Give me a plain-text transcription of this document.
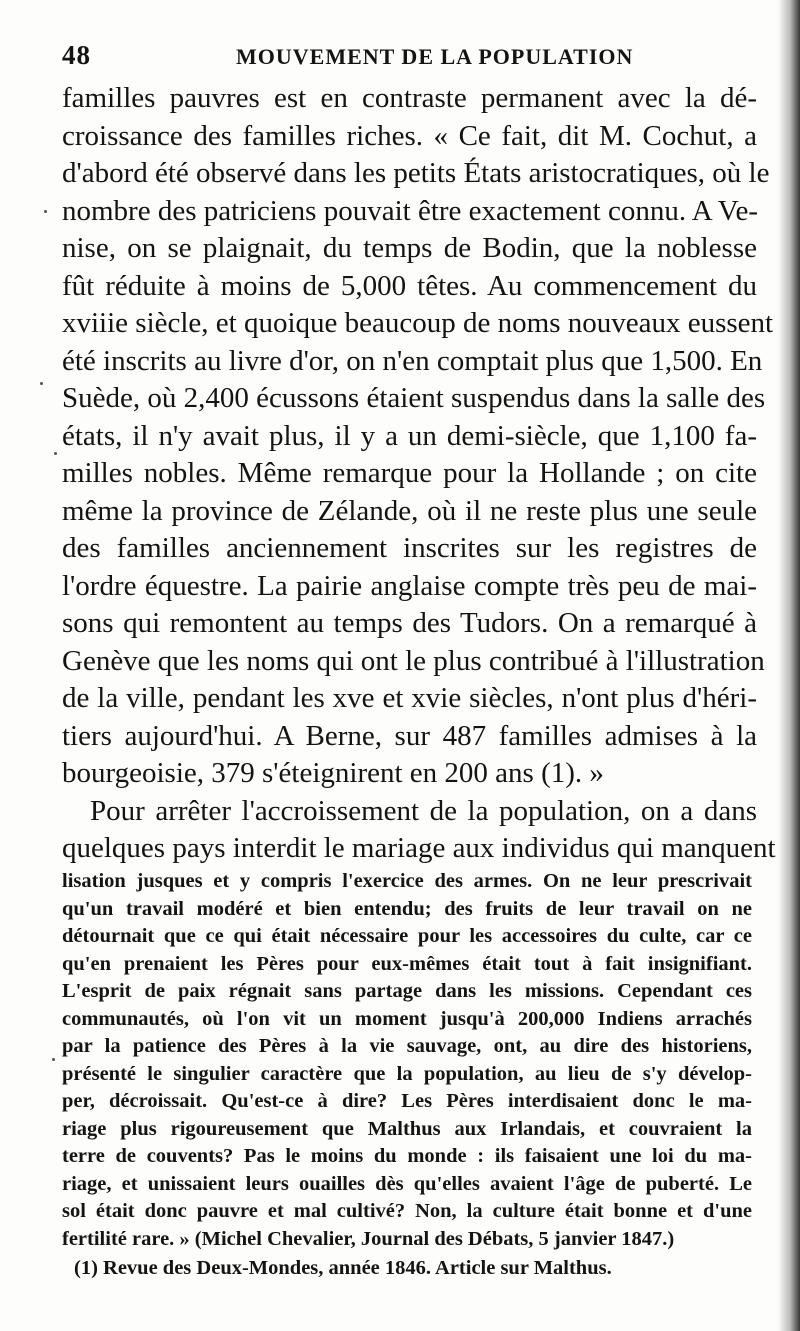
48	MOUVEMENT DE LA POPULATION
familles pauvres est en contraste permanent avec la dé-
croissance des familles riches. « Ce fait, dit M. Cochut, a
d'abord été observé dans les petits États aristocratiques, où le
nombre des patriciens pouvait être exactement connu. A Ve-
nise, on se plaignait, du temps de Bodin, que la noblesse
fût réduite à moins de 5,000 têtes. Au commencement du
xviiie siècle, et quoique beaucoup de noms nouveaux eussent
été inscrits au livre d'or, on n'en comptait plus que 1,500. En
Suède, où 2,400 écussons étaient suspendus dans la salle des
états, il n'y avait plus, il y a un demi-siècle, que 1,100 fa-
milles nobles. Même remarque pour la Hollande ; on cite
même la province de Zélande, où il ne reste plus une seule
des familles anciennement inscrites sur les registres de
l'ordre équestre. La pairie anglaise compte très peu de mai-
sons qui remontent au temps des Tudors. On a remarqué à
Genève que les noms qui ont le plus contribué à l'illustration
de la ville, pendant les xve et xvie siècles, n'ont plus d'héri-
tiers aujourd'hui. A Berne, sur 487 familles admises à la
bourgeoisie, 379 s'éteignirent en 200 ans (1). »
Pour arrêter l'accroissement de la population, on a dans
quelques pays interdit le mariage aux individus qui manquent
lisation jusques et y compris l'exercice des armes. On ne leur prescrivait
qu'un travail modéré et bien entendu; des fruits de leur travail on ne
détournait que ce qui était nécessaire pour les accessoires du culte, car ce
qu'en prenaient les Pères pour eux-mêmes était tout à fait insignifiant.
L'esprit de paix régnait sans partage dans les missions. Cependant ces
communautés, où l'on vit un moment jusqu'à 200,000 Indiens arrachés
par la patience des Pères à la vie sauvage, ont, au dire des historiens,
présenté le singulier caractère que la population, au lieu de s'y dévelop-
per, décroissait. Qu'est-ce à dire? Les Pères interdisaient donc le ma-
riage plus rigoureusement que Malthus aux Irlandais, et couvraient la
terre de couvents? Pas le moins du monde : ils faisaient une loi du ma-
riage, et unissaient leurs ouailles dès qu'elles avaient l'âge de puberté. Le
sol était donc pauvre et mal cultivé? Non, la culture était bonne et d'une
fertilité rare. » (Michel Chevalier, Journal des Débats, 5 janvier 1847.)
(1) Revue des Deux-Mondes, année 1846. Article sur Malthus.
